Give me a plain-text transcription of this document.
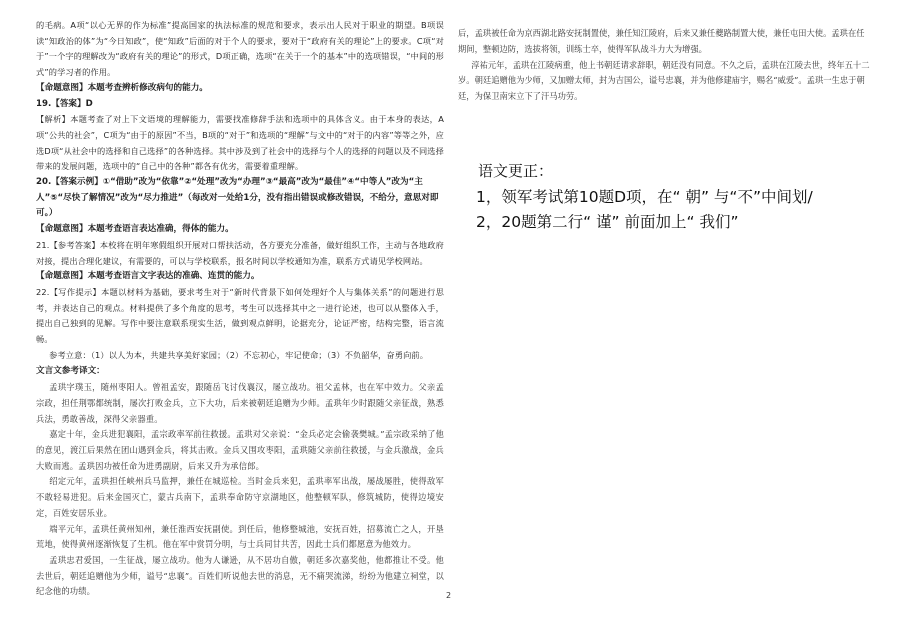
的毛病。A项“以心无界的作为标准”提高国家的执法标准的规范和要求，表示出人民对于职业的期望。B项误读“知政治的体”为“今日知政”，使“知政”后面的对于个人的要求，要对于“政府有关的理论”上的要求。C项“对于”一个字的理解改为“政府有关的理论”的形式，D项正确，选项“在关于一个的基本”中的选项错误，“中间的形式”的学习者的作用。

【命题意图】本题考查辨析修改病句的能力。

19.【答案】D

【解析】本题考查了对上下文语境的理解能力，需要找准修辞手法和选项中的具体含义。由于本身的表达，A项“公共的社会”，C项为“由于的原因”不当，B项的“对于”和选项的“理解”与文中的“对于的内容”等等之外，应选D项“从社会中的选择和自己选择”的各种选择。其中涉及到了社会中的选择与个人的选择的问题以及不同选择带来的发展问题，选项中的“自己中的各种”都各有优劣，需要着重理解。

20.【答案示例】①“借助”改为“依靠”②“处理”改为“办理”③“最高”改为“最佳”④“中等人”改为“主人”⑤“尽快了解情况”改为“尽力推进”（每改对一处给1分，没有指出错误或修改错误，不给分，意思对即可。）

【命题意图】本题考查语言表达准确，得体的能力。

21.【参考答案】本校将在明年寒假组织开展对口帮扶活动，各方要充分准备，做好组织工作，主动与各地政府对接，提出合理化建议，有需要的，可以与学校联系，报名时间以学校通知为准，联系方式请见学校网站。

【命题意图】本题考查语言文字表达的准确、连贯的能力。

22.【写作提示】本题以材料为基础，要求考生对于“新时代背景下如何处理好个人与集体关系”的问题进行思考，并表达自己的观点。材料提供了多个角度的思考，考生可以选择其中之一进行论述，也可以从整体入手，提出自己独到的见解。写作中要注意联系现实生活，做到观点鲜明，论据充分，论证严密，结构完整，语言流畅。

参考立意：（1）以人为本，共建共享美好家园；（2）不忘初心，牢记使命；（3）不负韶华，奋勇向前。

文言文参考译文：

孟珙字璞玉，随州枣阳人。曾祖孟安，跟随岳飞讨伐襄汉，屡立战功。祖父孟林，也在军中效力。父亲孟宗政，担任荆鄂都统制，屡次打败金兵，立下大功，后来被朝廷追赠为少师。孟珙年少时跟随父亲征战，熟悉兵法，勇敢善战，深得父亲器重。

嘉定十年，金兵进犯襄阳，孟宗政率军前往救援。孟珙对父亲说：“金兵必定会偷袭樊城。”孟宗政采纳了他的意见，渡江后果然在团山遇到金兵，将其击败。金兵又围攻枣阳，孟珙随父亲前往救援，与金兵激战，金兵大败而逃。孟珙因功被任命为进勇副尉，后来又升为承信郎。

绍定元年，孟珙担任峡州兵马监押，兼任在城巡检。当时金兵来犯，孟珙率军出战，屡战屡胜，使得敌军不敢轻易进犯。后来金国灭亡，蒙古兵南下，孟珙奉命防守京湖地区，他整顿军队，修筑城防，使得边境安定，百姓安居乐业。

端平元年，孟珙任黄州知州，兼任淮西安抚副使。到任后，他修整城池，安抚百姓，招募流亡之人，开垦荒地，使得黄州逐渐恢复了生机。他在军中赏罚分明，与士兵同甘共苦，因此士兵们都愿意为他效力。

孟珙忠君爱国，一生征战，屡立战功。他为人谦逊，从不居功自傲，朝廷多次嘉奖他，他都推让不受。他去世后，朝廷追赠他为少师，谥号“忠襄”。百姓们听说他去世的消息，无不痛哭流涕，纷纷为他建立祠堂，以纪念他的功绩。

后，孟珙被任命为京西湖北路安抚制置使，兼任知江陵府，后来又兼任夔路制置大使，兼任屯田大使。孟珙在任期间，整顿边防，选拔将领，训练士卒，使得军队战斗力大为增强。

淳祐元年，孟珙在江陵病重，他上书朝廷请求辞职，朝廷没有同意。不久之后，孟珙在江陵去世，终年五十二岁。朝廷追赠他为少师，又加赠太师，封为吉国公，谥号忠襄，并为他修建庙宇，赐名“威爱”。孟珙一生忠于朝廷，为保卫南宋立下了汗马功劳。

语文更正：

1，领军考试第10题D项，在“ 朝” 与“不”中间划/

2，20题第二行“ 谨” 前面加上“ 我们”

2
